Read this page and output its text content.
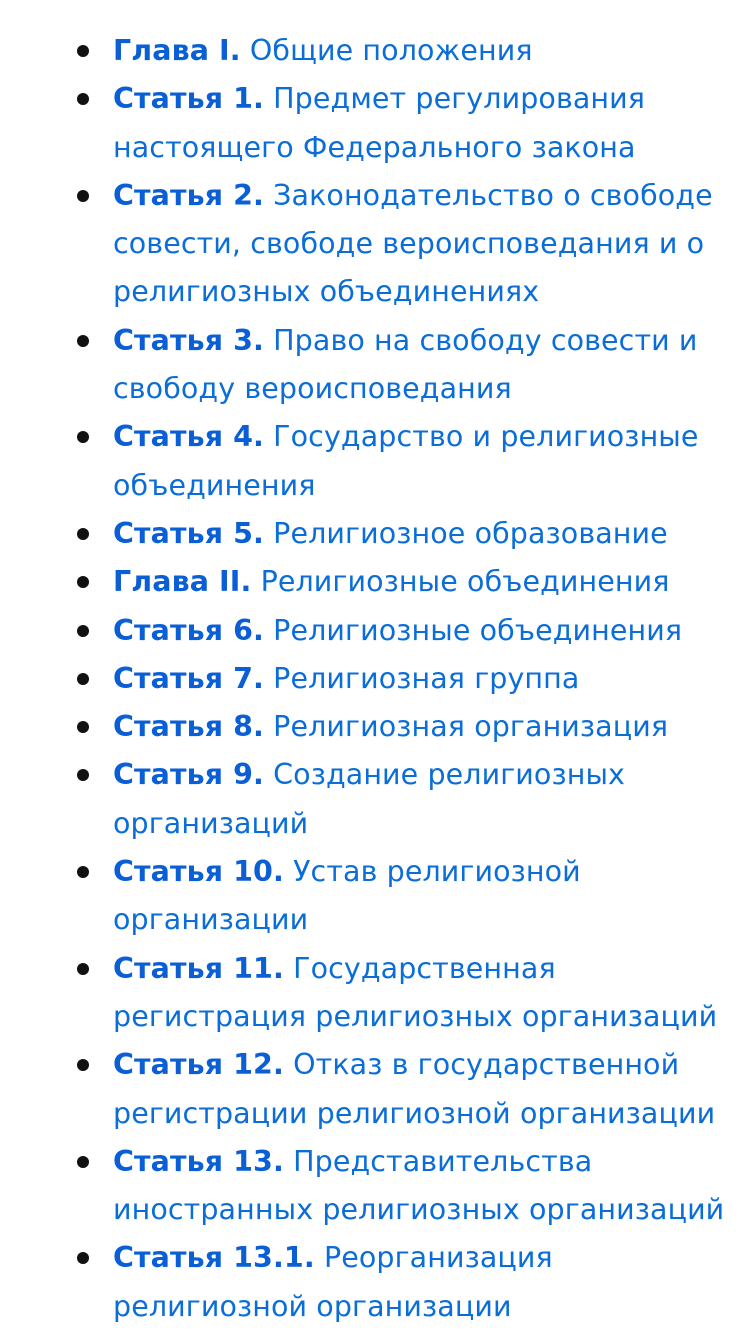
Глава I. Общие положения
Статья 1. Предмет регулирования настоящего Федерального закона
Статья 2. Законодательство о свободе совести, свободе вероисповедания и о религиозных объединениях
Статья 3. Право на свободу совести и свободу вероисповедания
Статья 4. Государство и религиозные объединения
Статья 5. Религиозное образование
Глава II. Религиозные объединения
Статья 6. Религиозные объединения
Статья 7. Религиозная группа
Статья 8. Религиозная организация
Статья 9. Создание религиозных организаций
Статья 10. Устав религиозной организации
Статья 11. Государственная регистрация религиозных организаций
Статья 12. Отказ в государственной регистрации религиозной организации
Статья 13. Представительства иностранных религиозных организаций
Статья 13.1. Реорганизация религиозной организации
